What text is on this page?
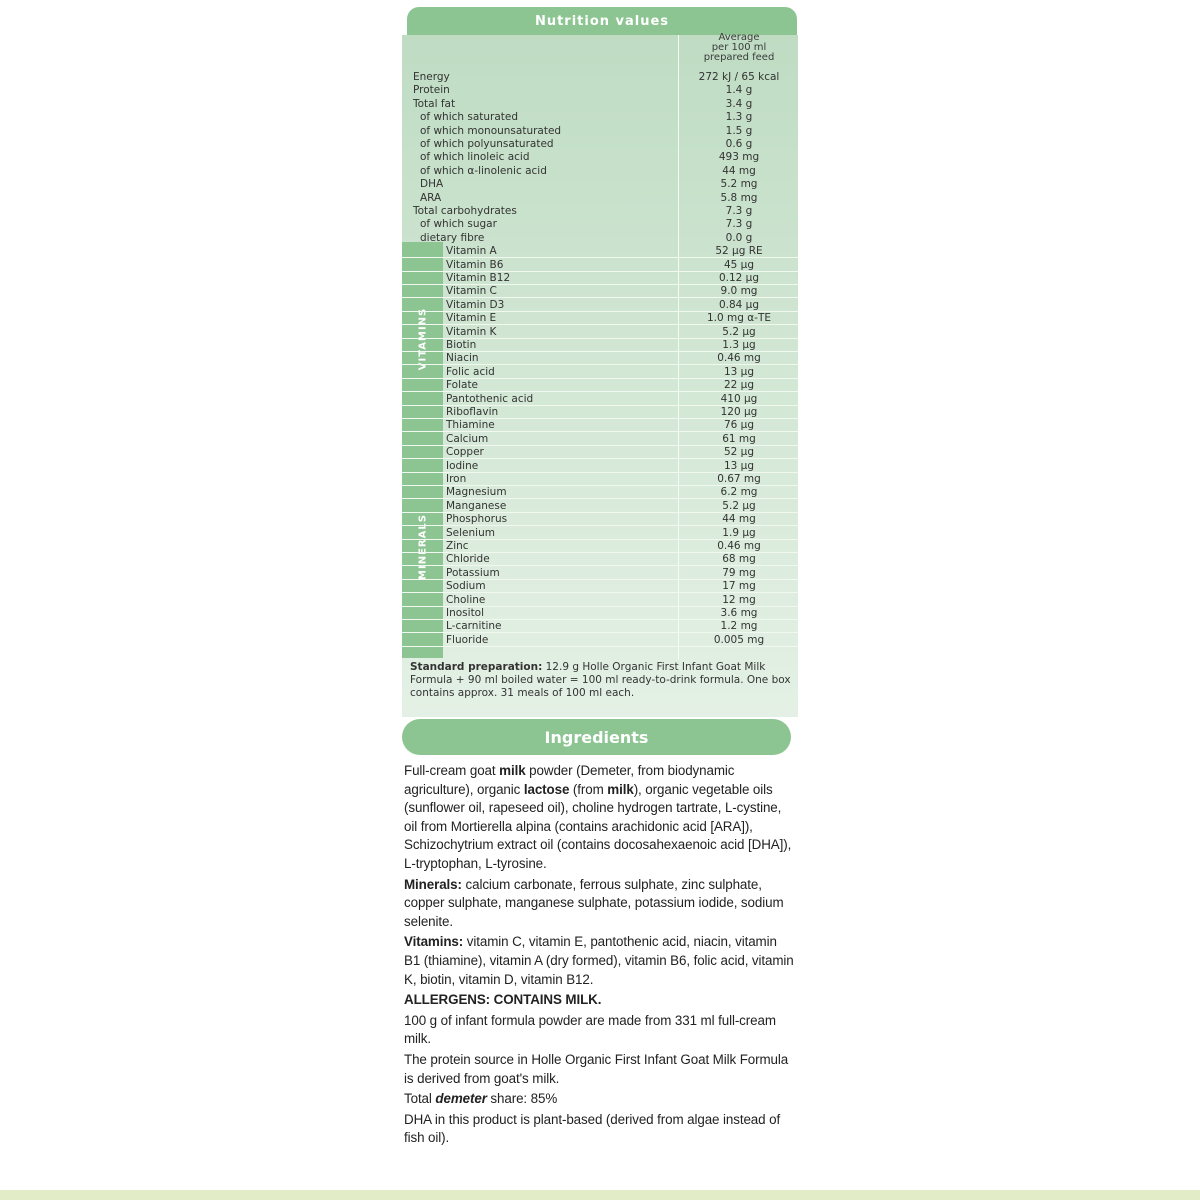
Nutrition values
Average
per 100 ml
prepared feed
VITAMINS
MINERALS
Energy	272 kJ / 65 kcal
Protein	1.4 g
Total fat	3.4 g
of which saturated	1.3 g
of which monounsaturated	1.5 g
of which polyunsaturated	0.6 g
of which linoleic acid	493 mg
of which α-linolenic acid	44 mg
DHA	5.2 mg
ARA	5.8 mg
Total carbohydrates	7.3 g
of which sugar	7.3 g
dietary fibre	0.0 g
Vitamin A	52 µg RE
Vitamin B6	45 µg
Vitamin B12	0.12 µg
Vitamin C	9.0 mg
Vitamin D3	0.84 µg
Vitamin E	1.0 mg α-TE
Vitamin K	5.2 µg
Biotin	1.3 µg
Niacin	0.46 mg
Folic acid	13 µg
Folate	22 µg
Pantothenic acid	410 µg
Riboflavin	120 µg
Thiamine	76 µg
Calcium	61 mg
Copper	52 µg
Iodine	13 µg
Iron	0.67 mg
Magnesium	6.2 mg
Manganese	5.2 µg
Phosphorus	44 mg
Selenium	1.9 µg
Zinc	0.46 mg
Chloride	68 mg
Potassium	79 mg
Sodium	17 mg
Choline	12 mg
Inositol	3.6 mg
L-carnitine	1.2 mg
Fluoride	0.005 mg
Standard preparation: 12.9 g Holle Organic First Infant Goat Milk Formula + 90 ml boiled water = 100 ml ready-to-drink formula. One box contains approx. 31 meals of 100 ml each.
Ingredients

Full-cream goat milk powder (Demeter, from biodynamic agriculture), organic lactose (from milk), organic vegetable oils (sunflower oil, rapeseed oil), choline hydrogen tartrate, L-cystine, oil from Mortierella alpina (contains arachidonic acid [ARA]), Schizochytrium extract oil (contains docosahexaenoic acid [DHA]), L-tryptophan, L-tyrosine.

Minerals: calcium carbonate, ferrous sulphate, zinc sulphate, copper sulphate, manganese sulphate, potassium iodide, sodium selenite.

Vitamins: vitamin C, vitamin E, pantothenic acid, niacin, vitamin B1 (thiamine), vitamin A (dry formed), vitamin B6, folic acid, vitamin K, biotin, vitamin D, vitamin B12.

ALLERGENS: CONTAINS MILK.

100 g of infant formula powder are made from 331 ml full-cream milk.

The protein source in Holle Organic First Infant Goat Milk Formula is derived from goat's milk.

Total demeter share: 85%

DHA in this product is plant-based (derived from algae instead of fish oil).
